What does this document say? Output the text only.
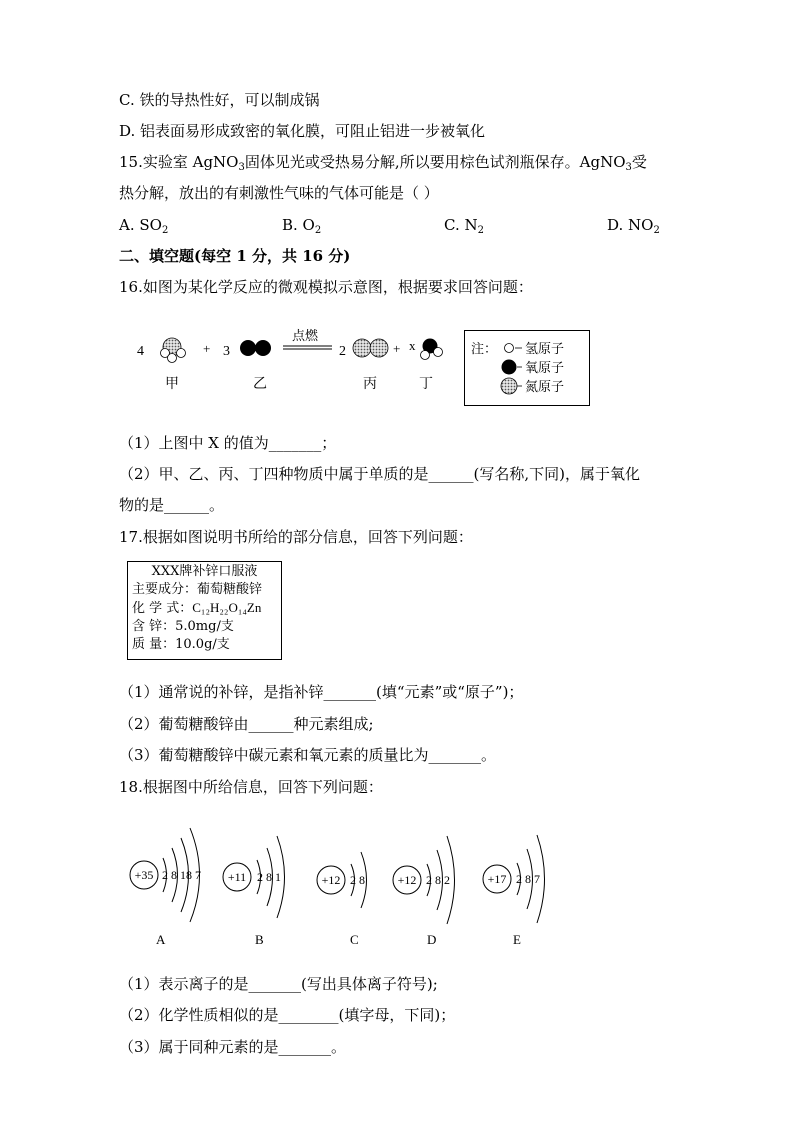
C. 铁的导热性好，可以制成锅
D. 铝表面易形成致密的氧化膜，可阻止铝进一步被氧化
15.实验室 AgNO$_3$固体见光或受热易分解,所以要用棕色试剂瓶保存。AgNO$_3$受
热分解，放出的有刺激性气味的气体可能是（ ）
A. $SO_2$	B. $O_2$	C. $N_2$	D. $NO_2$
二、填空题(每空 1 分，共 16 分)
16.如图为某化学反应的微观模拟示意图，根据要求回答问题：
4	+ 3
点燃
2	+ x
甲	乙	丙	丁
注： 氢原子
氧原子
氮原子
（1）上图中 X 的值为_______；
（2）甲、乙、丙、丁四种物质中属于单质的是______(写名称,下同)，属于氧化
物的是______。
17.根据如图说明书所给的部分信息，回答下列问题：
XXX牌补锌口服液
主要成分：葡萄糖酸锌
化 学 式：C₁₂H₂₂O₁₄Zn
含 锌：5.0mg/支
质 量：10.0g/支
（1）通常说的补锌，是指补锌_______(填“元素”或“原子”)；
（2）葡萄糖酸锌由______种元素组成;
（3）葡萄糖酸锌中碳元素和氧元素的质量比为_______。
18.根据图中所给信息，回答下列问题：
+35 2 8 18 7
A
+11 2 8 1
B
+12 2 8
C
+12 2 8 2
D
+17 2 8 7
E
（1）表示离子的是_______(写出具体离子符号);
（2）化学性质相似的是________(填字母，下同)；
（3）属于同种元素的是_______。
